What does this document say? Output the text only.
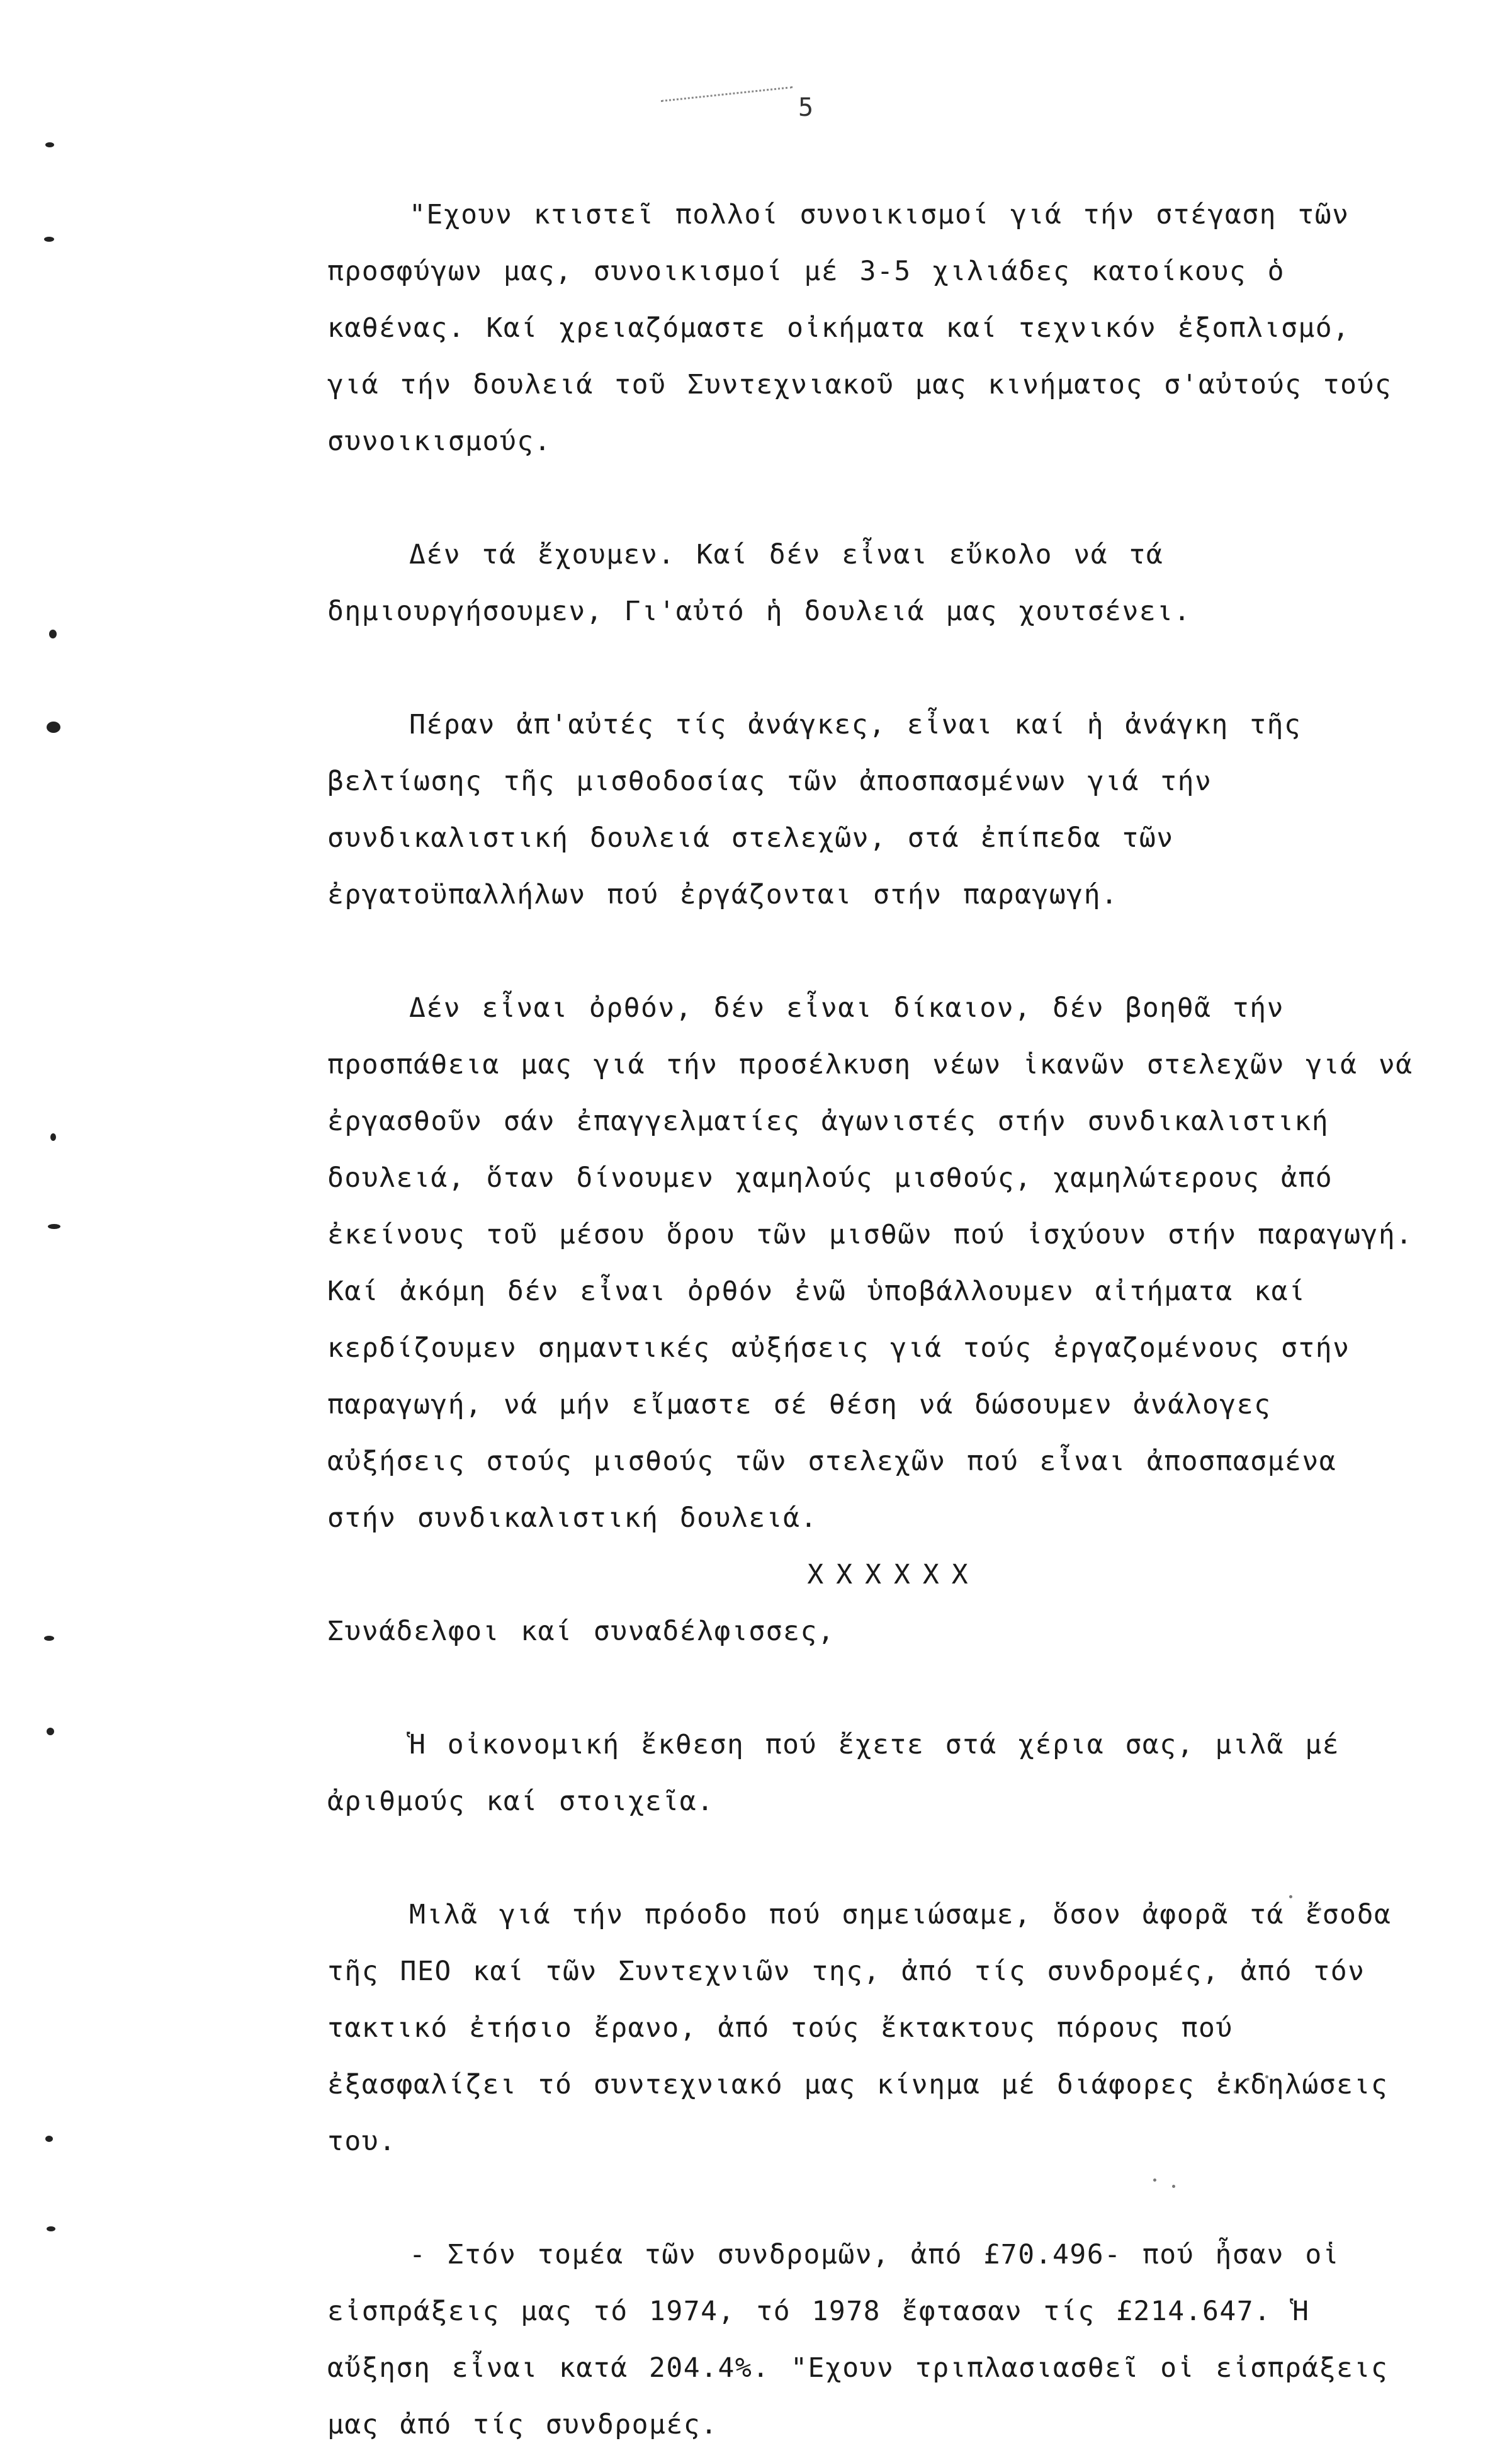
5

"Εχουν κτιστεῖ πολλοί συνοικισμοί γιά τήν στέγαση τῶν προσφύγων μας, συνοικισμοί μέ 3-5 χιλιάδες κατοίκους ὁ καθένας. Καί χρειαζόμαστε οἰκήματα καί τεχνικόν ἐξοπλισμό, γιά τήν δουλειά τοῦ Συντεχνιακοῦ μας κινήματος σ'αὐτούς τούς συνοικισμούς.

Δέν τά ἔχουμεν. Καί δέν εἶναι εὔκολο νά τά δημιουργήσουμεν, Γι'αὐτό ἡ δουλειά μας χουτσένει.

Πέραν ἀπ'αὐτές τίς ἀνάγκες, εἶναι καί ἡ ἀνάγκη τῆς βελτίωσης τῆς μισθοδοσίας τῶν ἀποσπασμένων γιά τήν συνδικαλιστική δουλειά στελεχῶν, στά ἐπίπεδα τῶν ἐργατοϋπαλλήλων πού ἐργάζονται στήν παραγωγή.

Δέν εἶναι ὀρθόν, δέν εἶναι δίκαιον, δέν βοηθᾶ τήν προσπάθεια μας γιά τήν προσέλκυση νέων ἱκανῶν στελεχῶν γιά νά ἐργασθοῦν σάν ἐπαγγελματίες ἀγωνιστές στήν συνδικαλιστική δουλειά, ὅταν δίνουμεν χαμηλούς μισθούς, χαμηλώτερους ἀπό ἐκείνους τοῦ μέσου ὅρου τῶν μισθῶν πού ἰσχύουν στήν παραγωγή. Καί ἀκόμη δέν εἶναι ὀρθόν ἐνῶ ὑποβάλλουμεν αἰτήματα καί κερδίζουμεν σημαντικές αὐξήσεις γιά τούς ἐργαζομένους στήν παραγωγή, νά μήν εἴμαστε σέ θέση νά δώσουμεν ἀνάλογες αὐξήσεις στούς μισθούς τῶν στελεχῶν πού εἶναι ἀποσπασμένα στήν συνδικαλιστική δουλειά.

XXXXXX

Συνάδελφοι καί συναδέλφισσες,

Ἡ οἰκονομική ἔκθεση πού ἔχετε στά χέρια σας, μιλᾶ μέ ἀριθμούς καί στοιχεῖα.

Μιλᾶ γιά τήν πρόοδο πού σημειώσαμε, ὅσον ἀφορᾶ τά ἔσοδα τῆς ΠΕΟ καί τῶν Συντεχνιῶν της, ἀπό τίς συνδρομές, ἀπό τόν τακτικό ἐτήσιο ἔρανο, ἀπό τούς ἔκτακτους πόρους πού ἐξασφαλίζει τό συντεχνιακό μας κίνημα μέ διάφορες ἐκδηλώσεις του.

- Στόν τομέα τῶν συνδρομῶν, ἀπό £70.496- πού ἦσαν οἱ εἰσπράξεις μας τό 1974, τό 1978 ἔφτασαν τίς £214.647. Ἡ αὔξηση εἶναι κατά 204.4%. "Εχουν τριπλασιασθεῖ οἱ εἰσπράξεις μας ἀπό τίς συνδρομές.
